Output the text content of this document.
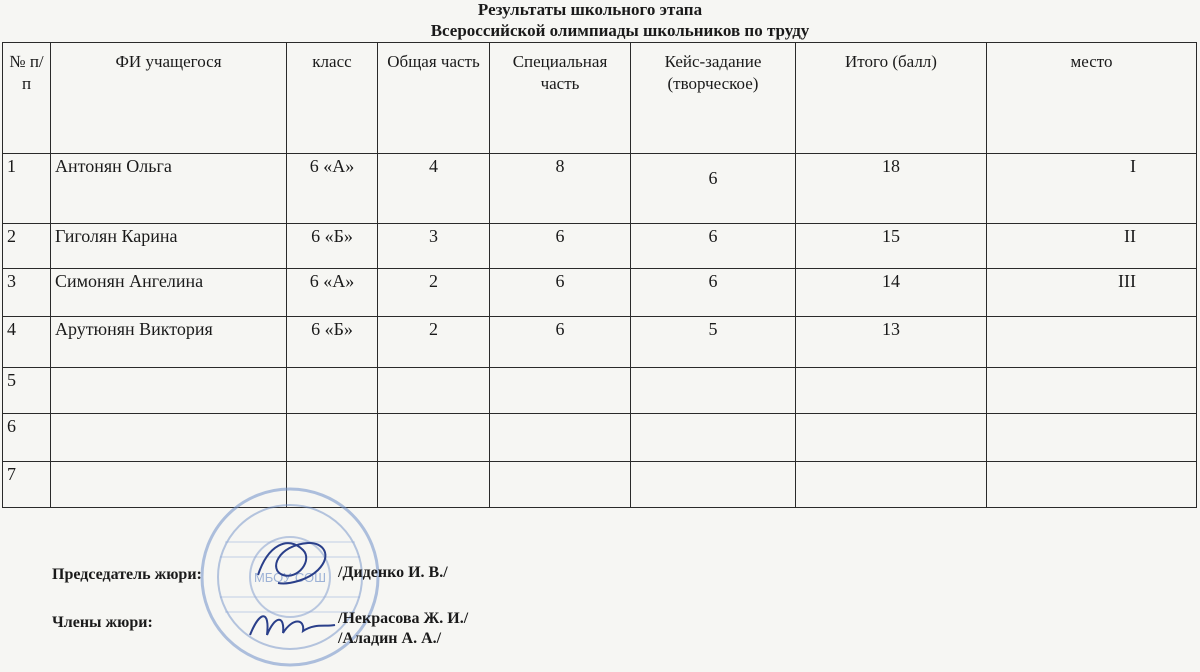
Результаты школьного этапа
Всероссийской олимпиады школьников по труду
№ п/п	ФИ учащегося	класс	Общая часть	Специальная часть	Кейс-задание (творческое)	Итого (балл)	место
1	Антонян Ольга	6 «А»	4	8	6	18	I
2	Гиголян Карина	6 «Б»	3	6	6	15	II
3	Симонян Ангелина	6 «А»	2	6	6	14	III
4	Арутюнян Виктория	6 «Б»	2	6	5	13	
5							
6							
7							
МБОУ СОШ
Председатель жюри:	/Диденко И. В./
Члены жюри:	/Некрасова Ж. И./
/Аладин А. А./
